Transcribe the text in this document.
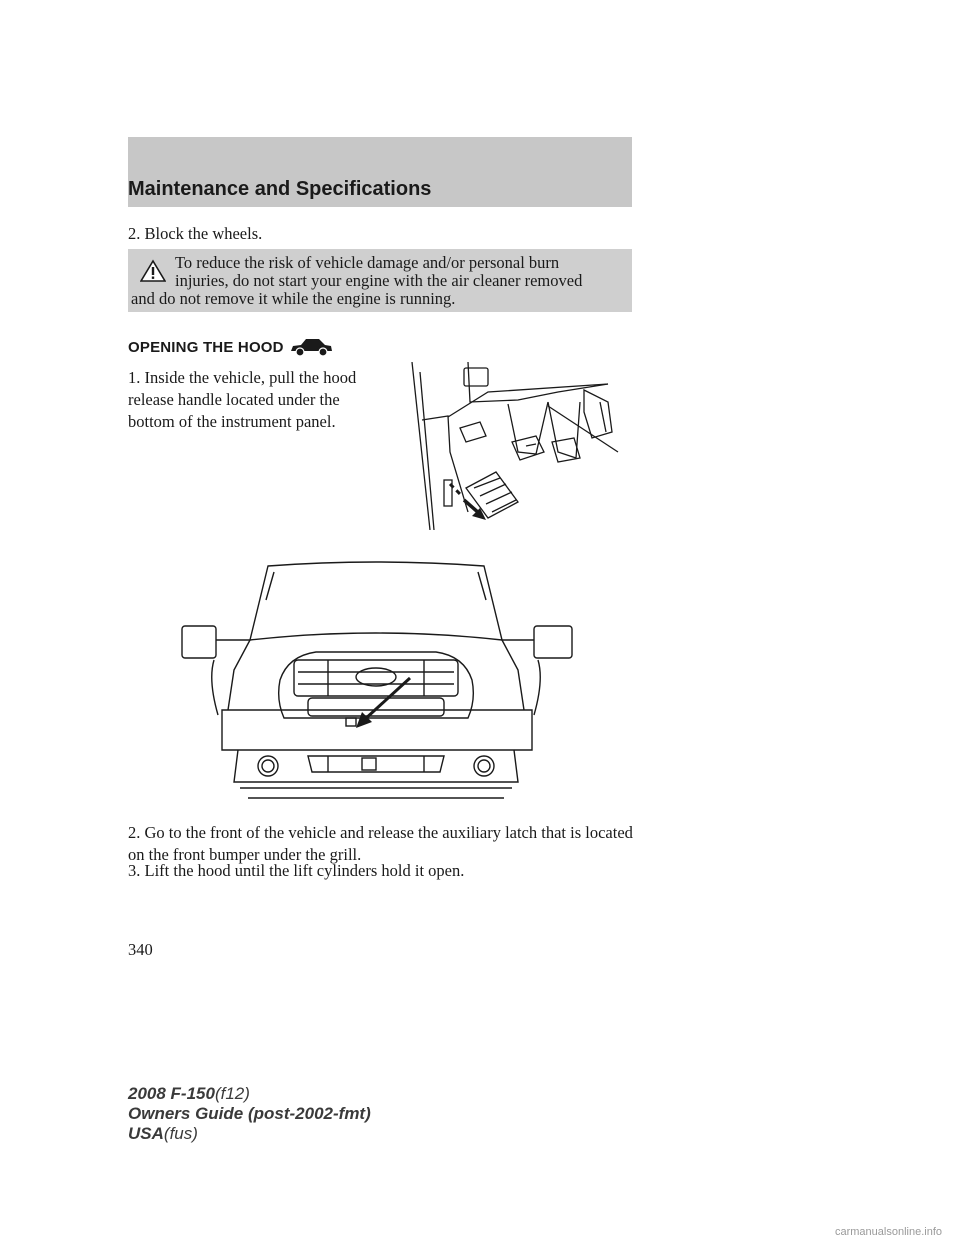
Maintenance and Specifications
2. Block the wheels.
To reduce the risk of vehicle damage and/or personal burn
injuries, do not start your engine with the air cleaner removed
and do not remove it while the engine is running.
OPENING THE HOOD
1. Inside the vehicle, pull the hood release handle located under the bottom of the instrument panel.
2. Go to the front of the vehicle and release the auxiliary latch that is located on the front bumper under the grill.
3. Lift the hood until the lift cylinders hold it open.
340
2008 F-150(f12)
Owners Guide (post-2002-fmt)
USA(fus)
carmanualsonline.info
